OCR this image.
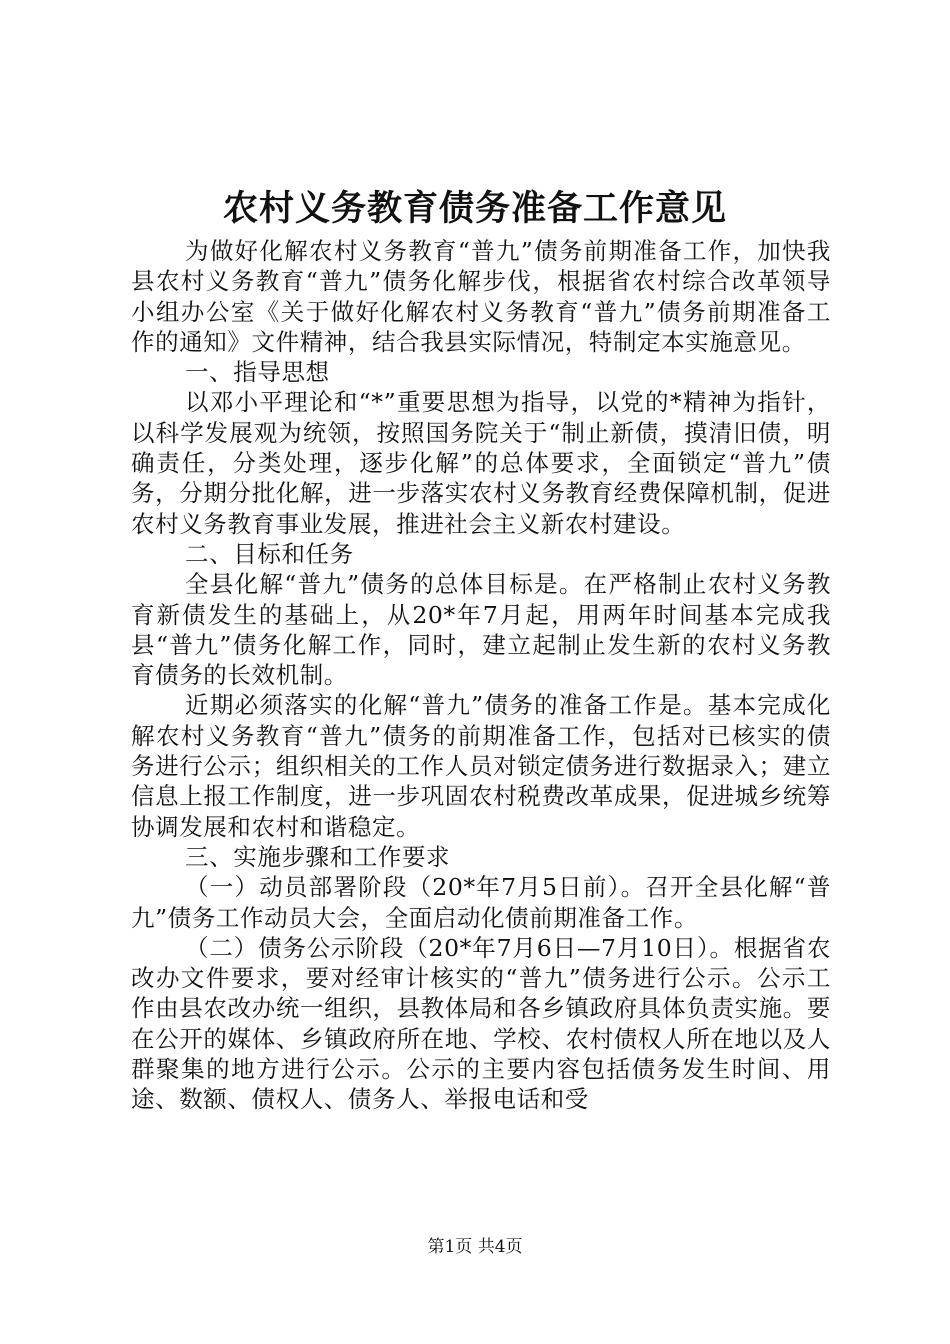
农村义务教育债务准备工作意见

为做好化解农村义务教育“普九”债务前期准备工作，加快我县农村义务教育“普九”债务化解步伐，根据省农村综合改革领导小组办公室《关于做好化解农村义务教育“普九”债务前期准备工作的通知》文件精神，结合我县实际情况，特制定本实施意见。

一、指导思想

以邓小平理论和“*”重要思想为指导，以党的*精神为指针，以科学发展观为统领，按照国务院关于“制止新债，摸清旧债，明确责任，分类处理，逐步化解”的总体要求，全面锁定“普九”债务，分期分批化解，进一步落实农村义务教育经费保障机制，促进农村义务教育事业发展，推进社会主义新农村建设。

二、目标和任务

全县化解“普九”债务的总体目标是。在严格制止农村义务教育新债发生的基础上，从20*年7月起，用两年时间基本完成我县“普九”债务化解工作，同时，建立起制止发生新的农村义务教育债务的长效机制。

近期必须落实的化解“普九”债务的准备工作是。基本完成化解农村义务教育“普九”债务的前期准备工作，包括对已核实的债务进行公示；组织相关的工作人员对锁定债务进行数据录入；建立信息上报工作制度，进一步巩固农村税费改革成果，促进城乡统筹协调发展和农村和谐稳定。

三、实施步骤和工作要求

（一）动员部署阶段（20*年7月5日前）。召开全县化解“普九”债务工作动员大会，全面启动化债前期准备工作。

（二）债务公示阶段（20*年7月6日—7月10日）。根据省农改办文件要求，要对经审计核实的“普九”债务进行公示。公示工作由县农改办统一组织，县教体局和各乡镇政府具体负责实施。要在公开的媒体、乡镇政府所在地、学校、农村债权人所在地以及人群聚集的地方进行公示。公示的主要内容包括债务发生时间、用途、数额、债权人、债务人、举报电话和受

第1页 共4页
